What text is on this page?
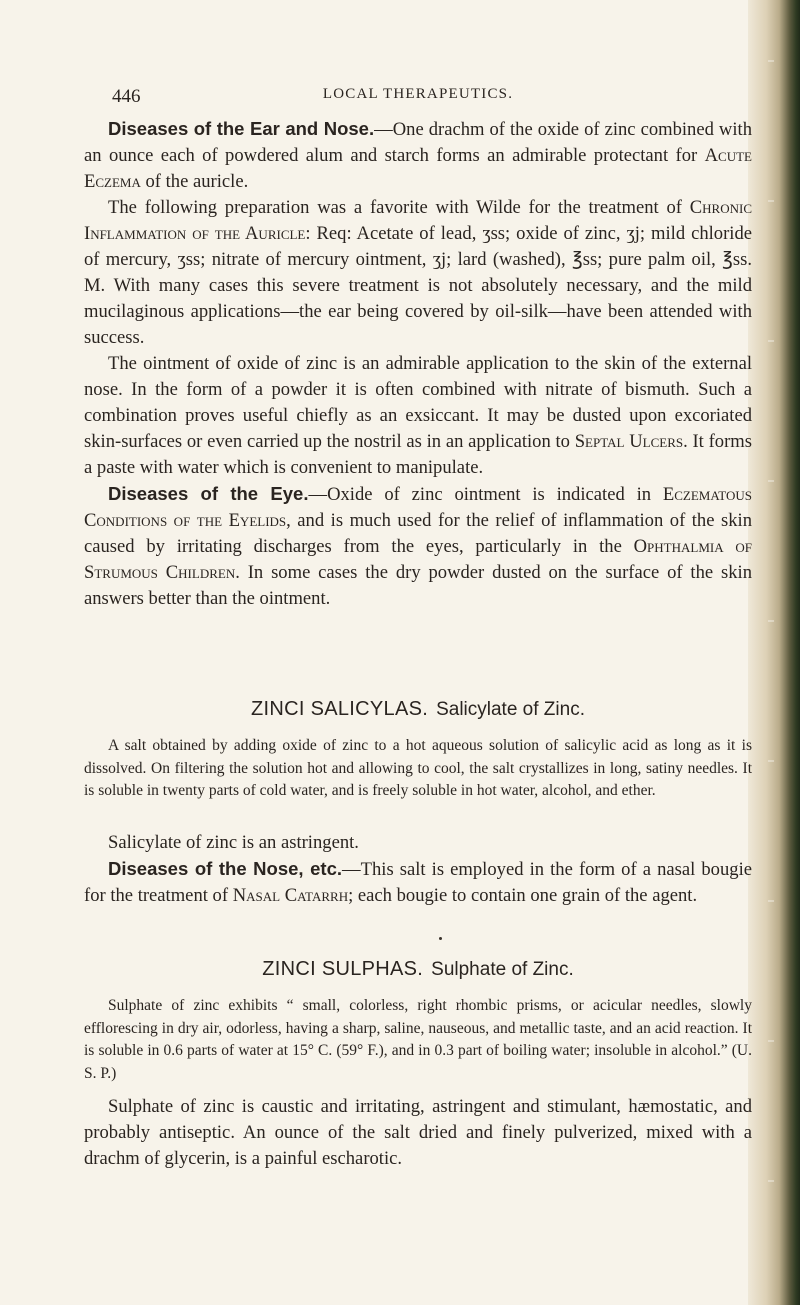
446	LOCAL THERAPEUTICS.

Diseases of the Ear and Nose.—One drachm of the oxide of zinc combined with an ounce each of powdered alum and starch forms an admirable protectant for Acute Eczema of the auricle.

The following preparation was a favorite with Wilde for the treatment of Chronic Inflammation of the Auricle: Req: Acetate of lead, ʒss; oxide of zinc, ʒj; mild chloride of mercury, ʒss; nitrate of mercury ointment, ʒj; lard (washed), ℥ss; pure palm oil, ℥ss. M. With many cases this severe treatment is not absolutely necessary, and the mild mucilaginous applications—the ear being covered by oil-silk—have been attended with success.

The ointment of oxide of zinc is an admirable application to the skin of the external nose. In the form of a powder it is often combined with nitrate of bismuth. Such a combination proves useful chiefly as an exsiccant. It may be dusted upon excoriated skin-surfaces or even carried up the nostril as in an application to Septal Ulcers. It forms a paste with water which is convenient to manipulate.

Diseases of the Eye.—Oxide of zinc ointment is indicated in Eczematous Conditions of the Eyelids, and is much used for the relief of inflammation of the skin caused by irritating discharges from the eyes, particularly in the Ophthalmia of Strumous Children. In some cases the dry powder dusted on the surface of the skin answers better than the ointment.

ZINCI SALICYLAS. Salicylate of Zinc.

A salt obtained by adding oxide of zinc to a hot aqueous solution of salicylic acid as long as it is dissolved. On filtering the solution hot and allowing to cool, the salt crystallizes in long, satiny needles. It is soluble in twenty parts of cold water, and is freely soluble in hot water, alcohol, and ether.

Salicylate of zinc is an astringent.

Diseases of the Nose, etc.—This salt is employed in the form of a nasal bougie for the treatment of Nasal Catarrh; each bougie to contain one grain of the agent.

ZINCI SULPHAS. Sulphate of Zinc.

Sulphate of zinc exhibits “ small, colorless, right rhombic prisms, or acicular needles, slowly efflorescing in dry air, odorless, having a sharp, saline, nauseous, and metallic taste, and an acid reaction. It is soluble in 0.6 parts of water at 15° C. (59° F.), and in 0.3 part of boiling water; insoluble in alcohol.” (U. S. P.)

Sulphate of zinc is caustic and irritating, astringent and stimulant, hæmostatic, and probably antiseptic. An ounce of the salt dried and finely pulverized, mixed with a drachm of glycerin, is a painful escharotic.
